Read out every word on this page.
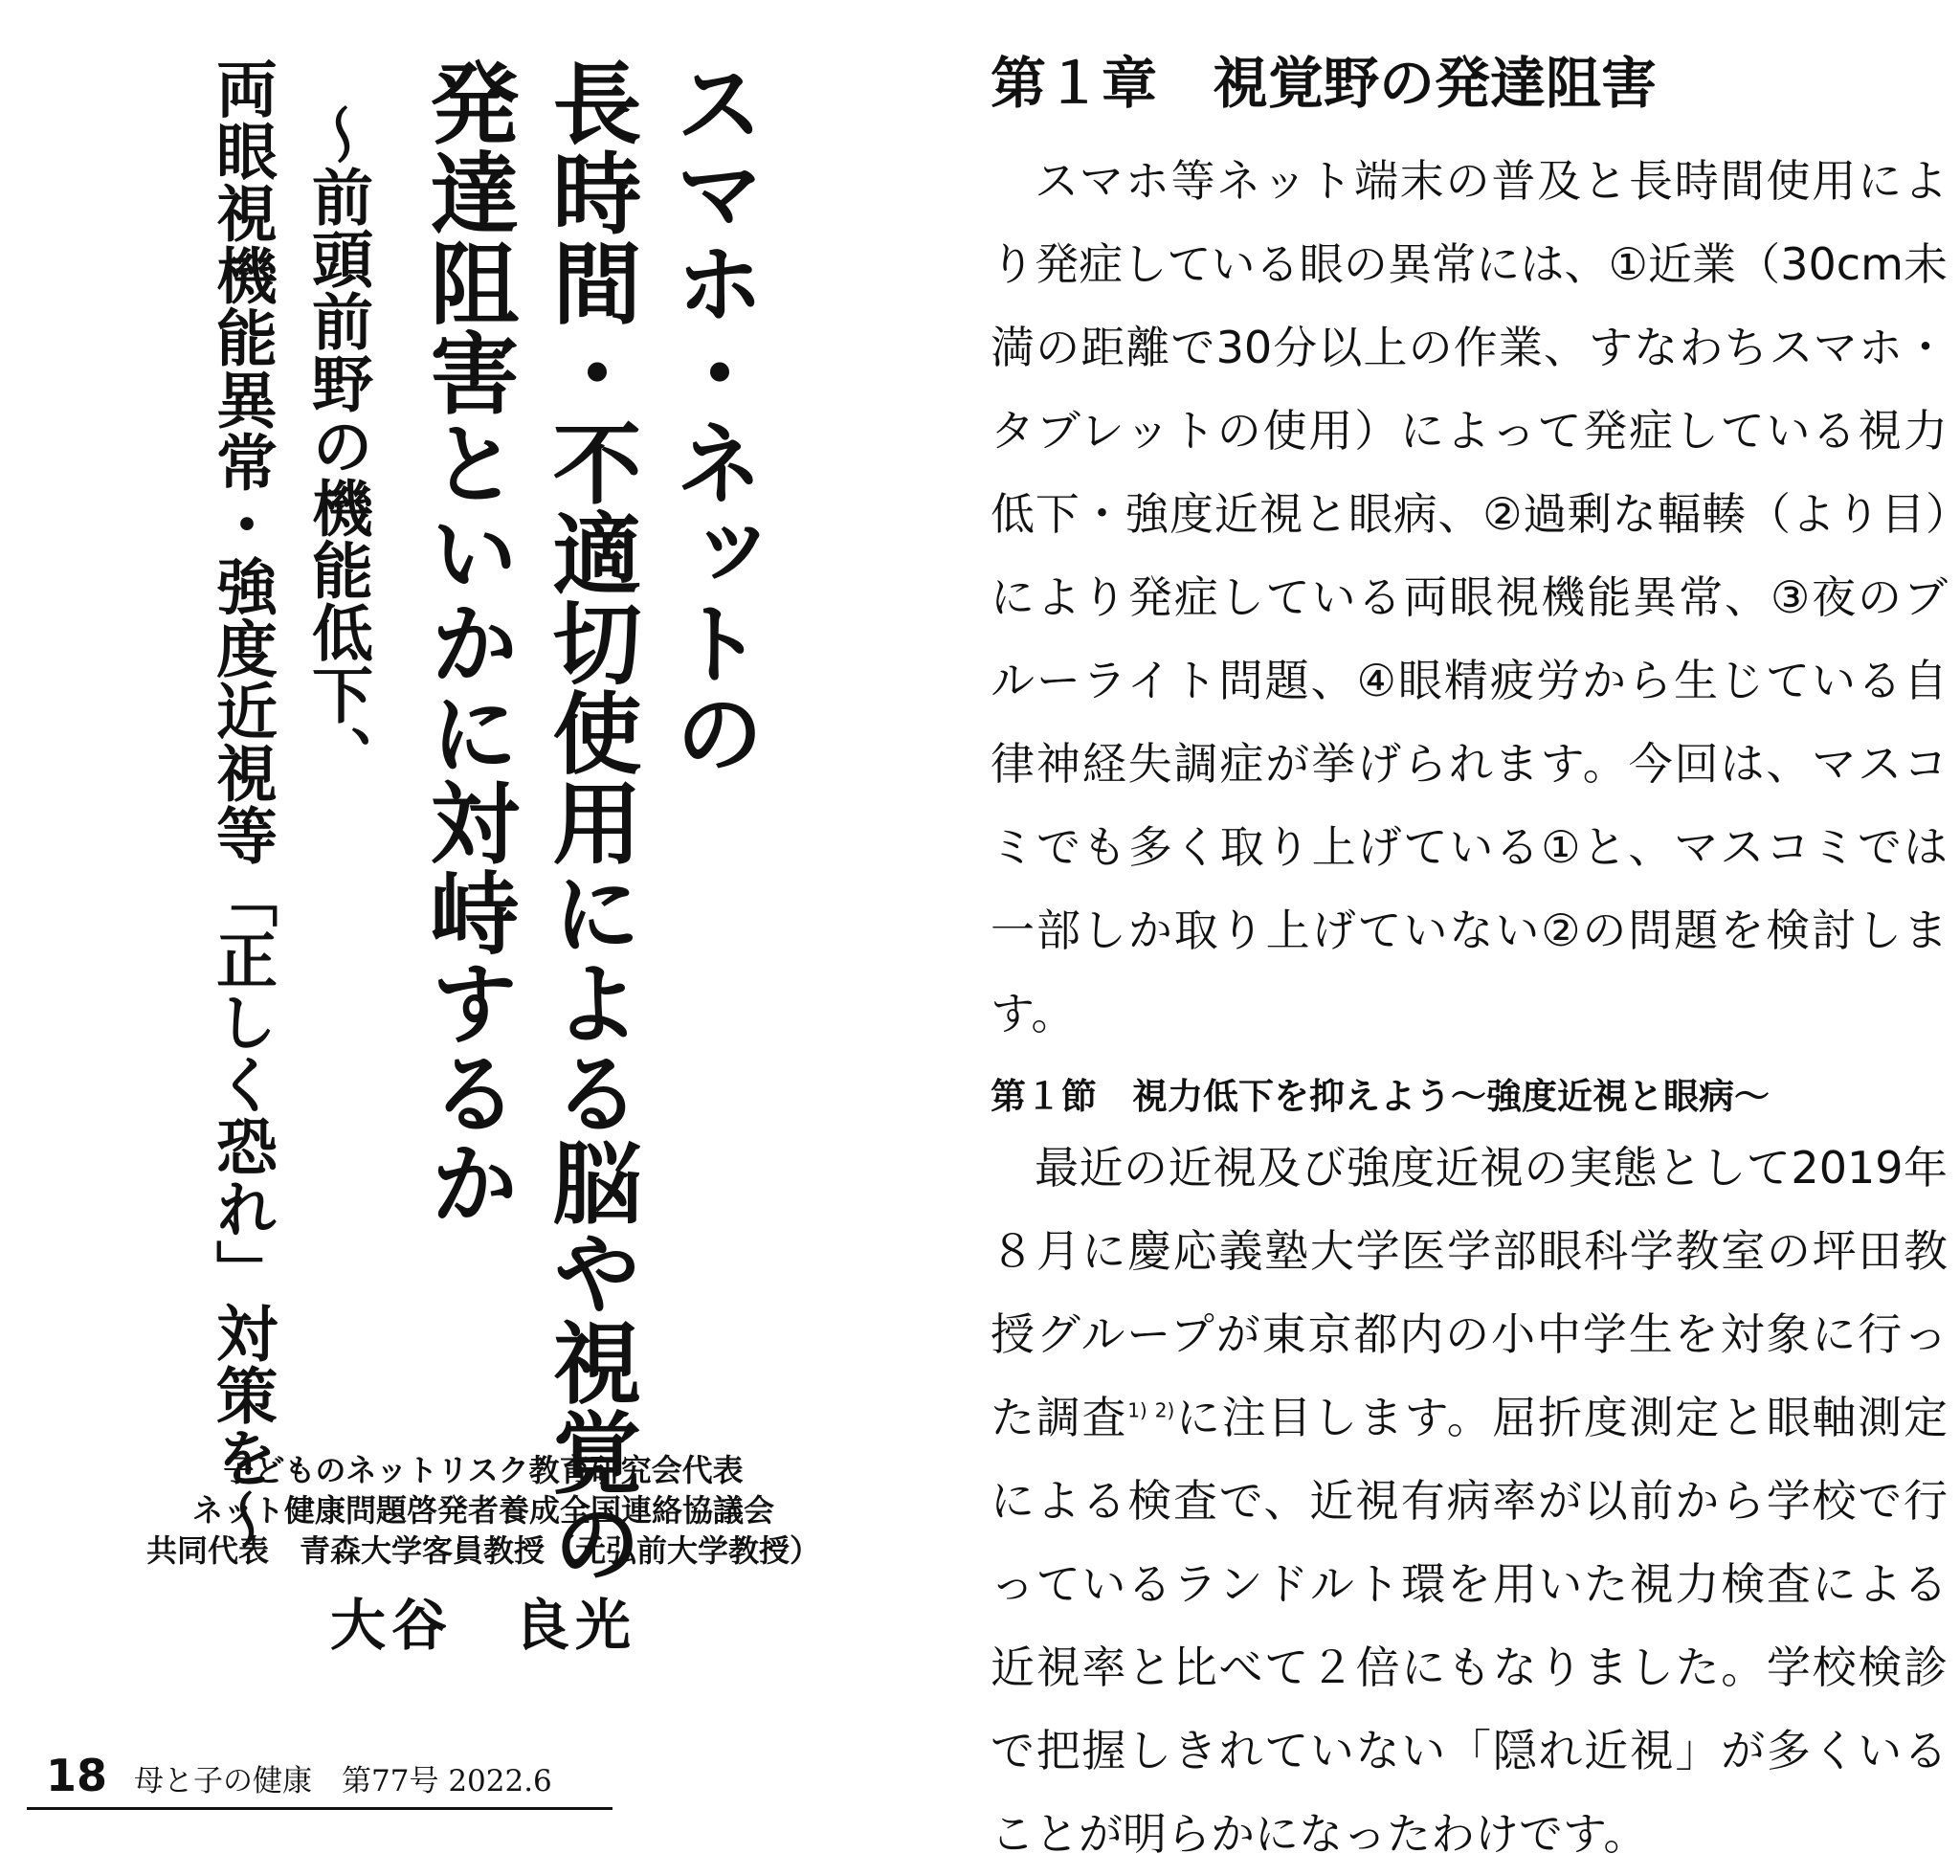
スマホ・ネットの
長時間・不適切使用による脳や視覚の
発達阻害といかに対峙するか
〜前頭前野の機能低下、
両眼視機能異常・強度近視等「正しく恐れ」対策を〜
子どものネットリスク教育研究会代表
ネット健康問題啓発者養成全国連絡協議会
共同代表　青森大学客員教授（元弘前大学教授）
大谷　良光
18 母と子の健康　第77号 2022.6
第１章　視覚野の発達阻害

スマホ等ネット端末の普及と長時間使用により発症している眼の異常には、①近業（30cm未満の距離で30分以上の作業、すなわちスマホ・タブレットの使用）によって発症している視力低下・強度近視と眼病、②過剰な輻輳（より目）により発症している両眼視機能異常、③夜のブルーライト問題、④眼精疲労から生じている自律神経失調症が挙げられます。今回は、マスコミでも多く取り上げている①と、マスコミでは一部しか取り上げていない②の問題を検討します。

第１節　視力低下を抑えよう〜強度近視と眼病〜

最近の近視及び強度近視の実態として2019年８月に慶応義塾大学医学部眼科学教室の坪田教授グループが東京都内の小中学生を対象に行った調査$^{1) 2)}$に注目します。屈折度測定と眼軸測定による検査で、近視有病率が以前から学校で行っているランドルト環を用いた視力検査による近視率と比べて２倍にもなりました。学校検診で把握しきれていない「隠れ近視」が多くいることが明らかになったわけです。
